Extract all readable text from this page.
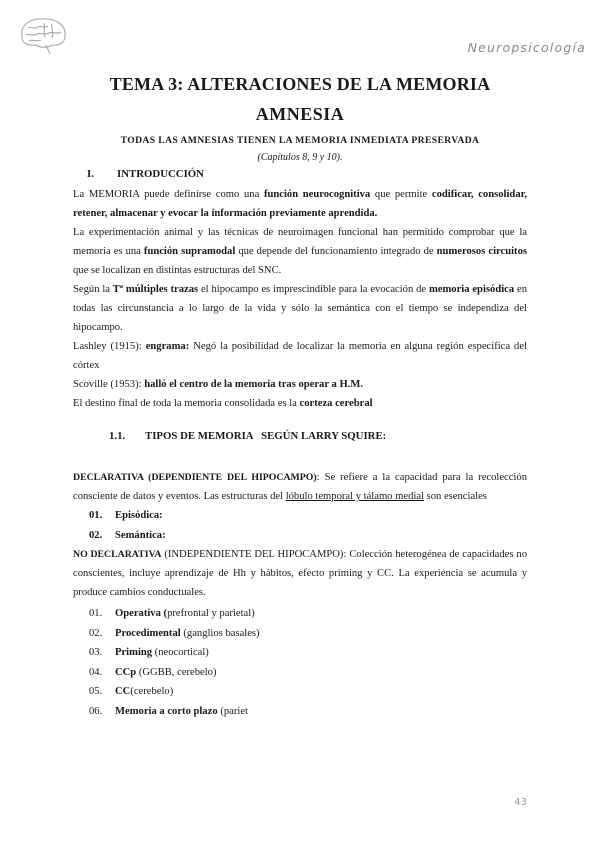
Neuropsicología
TEMA 3: ALTERACIONES DE LA MEMORIA
AMNESIA
TODAS LAS AMNESIAS TIENEN LA MEMORIA INMEDIATA PRESERVADA
(Capítulos 8, 9 y 10).
I.	INTRODUCCIÓN

La MEMORIA puede definirse como una función neurocognitiva que permite codificar, consolidar, retener, almacenar y evocar la información previamente aprendida.

La experimentación animal y las técnicas de neuroimagen funcional han permitido comprobar que la memoria es una función supramodal que depende del funcionamiento integrado de numerosos circuitos que se localizan en distintas estructuras del SNC.

Según la Tª múltiples trazas el hipocampo es imprescindible para la evocación de memoria episódica en todas las circunstancia a lo largo de la vida y sólo la semántica con el tiempo se independiza del hipocampo.

Lashley (1915): engrama: Negó la posibilidad de localizar la memoria en alguna región específica del córtex

Scoville (1953): halló el centro de la memoria tras operar a H.M.

El destino final de toda la memoria consolidada es la corteza cerebral

1.1.	TIPOS DE MEMORIA   SEGÚN LARRY SQUIRE:

DECLARATIVA (DEPENDIENTE DEL HIPOCAMPO): Se refiere a la capacidad para la recolección consciente de datos y eventos. Las estructuras del lóbulo temporal y tálamo medial son esenciales

01. Episódica:
02. Semántica:

NO DECLARATIVA (INDEPENDIENTE DEL HIPOCAMPO): Colección heterogénea de capacidades no conscientes, incluye aprendizaje de Hh y hábitos, efecto priming y CC. La experiencia se acumula y produce cambios conductuales.

01. Operativa (prefrontal y parietal)
02. Procedimental (ganglios basales)
03. Priming (neocortical)
04. CCp (GGBB, cerebelo)
05. CC(cerebelo)
06. Memoria a corto plazo (pariet
43
